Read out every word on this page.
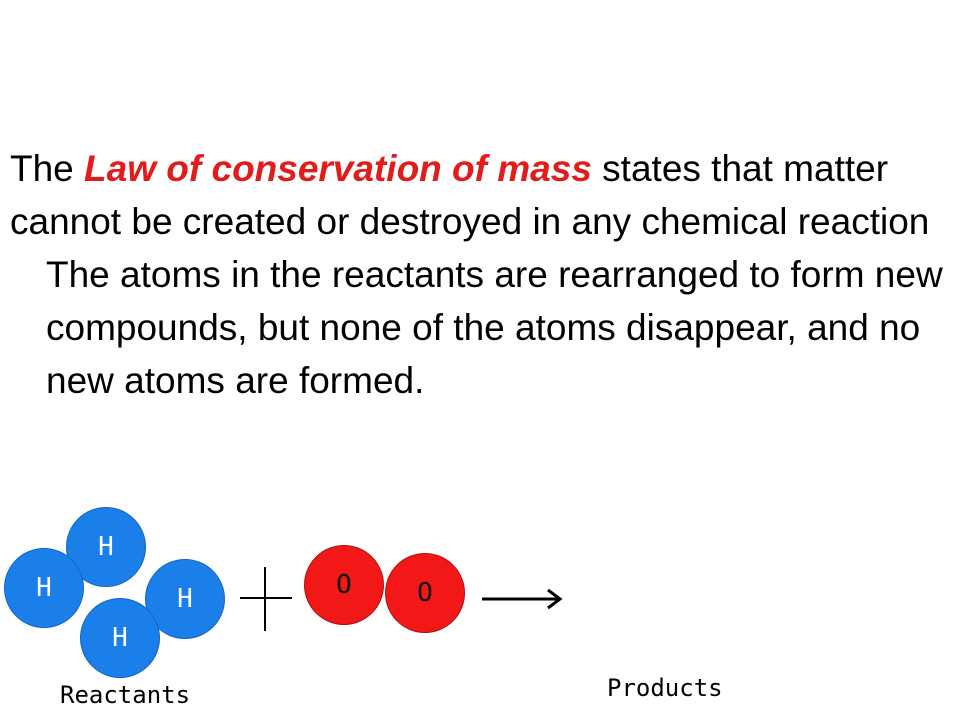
The Law of conservation of mass states that matter cannot be created or destroyed in any chemical reaction

The atoms in the reactants are rearranged to form new compounds, but none of the atoms disappear, and no new atoms are formed.

H
H	H
H
O	O
Reactants	Products
